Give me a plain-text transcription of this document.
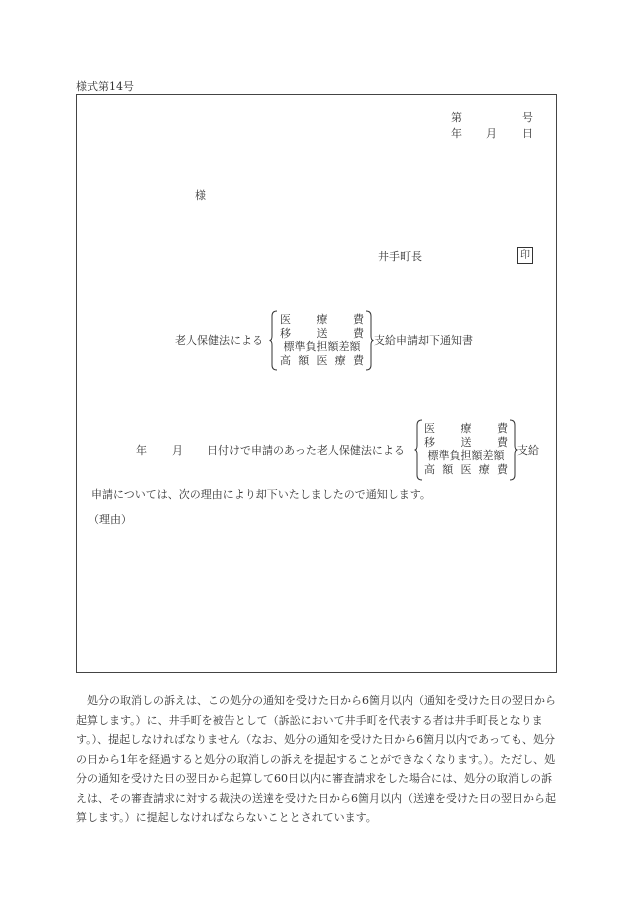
様式第14号
第	号
年 月 日
様
井手町長	印
老人保健法による
医 療 費
移 送 費
標準負担額差額
高 額 医 療 費
支給申請却下通知書
年 月 日付けで申請のあった老人保健法による
医 療 費
移 送 費
標準負担額差額
高 額 医 療 費
支給
申請については、次の理由により却下いたしましたので通知します。
（理由）

処分の取消しの訴えは、この処分の通知を受けた日から6箇月以内（通知を受けた日の翌日から起算します。）に、井手町を被告として（訴訟において井手町を代表する者は井手町長となります。）、提起しなければなりません（なお、処分の通知を受けた日から6箇月以内であっても、処分の日から1年を経過すると処分の取消しの訴えを提起することができなくなります。）。ただし、処分の通知を受けた日の翌日から起算して60日以内に審査請求をした場合には、処分の取消しの訴えは、その審査請求に対する裁決の送達を受けた日から6箇月以内（送達を受けた日の翌日から起算します。）に提起しなければならないこととされています。
